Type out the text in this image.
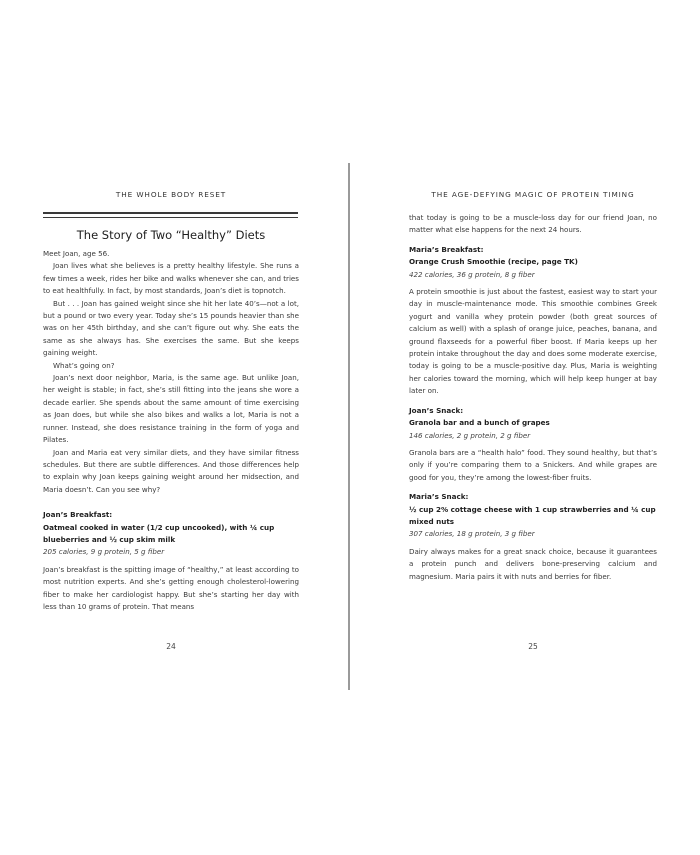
THE WHOLE BODY RESET
The Story of Two “Healthy” Diets

Meet Joan, age 56.

Joan lives what she believes is a pretty healthy lifestyle. She runs a few times a week, rides her bike and walks whenever she can, and tries to eat healthfully. In fact, by most standards, Joan’s diet is topnotch.

But . . . Joan has gained weight since she hit her late 40’s—not a lot, but a pound or two every year. Today she’s 15 pounds heavier than she was on her 45th birthday, and she can’t figure out why. She eats the same as she always has. She exercises the same. But she keeps gaining weight.

What’s going on?

Joan’s next door neighbor, Maria, is the same age. But unlike Joan, her weight is stable; in fact, she’s still fitting into the jeans she wore a decade earlier. She spends about the same amount of time exercising as Joan does, but while she also bikes and walks a lot, Maria is not a runner. Instead, she does resistance training in the form of yoga and Pilates.

Joan and Maria eat very similar diets, and they have similar fitness schedules. But there are subtle differences. And those differences help to explain why Joan keeps gaining weight around her midsection, and Maria doesn’t. Can you see why?

Joan’s Breakfast:

Oatmeal cooked in water (1/2 cup uncooked), with ¼ cup blueberries and ½ cup skim milk

205 calories, 9 g protein, 5 g fiber

Joan’s breakfast is the spitting image of “healthy,” at least according to most nutrition experts. And she’s getting enough cholesterol-lowering fiber to make her cardiologist happy. But she’s starting her day with less than 10 grams of protein. That means

24
THE AGE-DEFYING MAGIC OF PROTEIN TIMING

that today is going to be a muscle-loss day for our friend Joan, no matter what else happens for the next 24 hours.

Maria’s Breakfast:

Orange Crush Smoothie (recipe, page TK)

422 calories, 36 g protein, 8 g fiber

A protein smoothie is just about the fastest, easiest way to start your day in muscle-maintenance mode. This smoothie combines Greek yogurt and vanilla whey protein powder (both great sources of calcium as well) with a splash of orange juice, peaches, banana, and ground flaxseeds for a powerful fiber boost. If Maria keeps up her protein intake throughout the day and does some moderate exercise, today is going to be a muscle-positive day. Plus, Maria is weighting her calories toward the morning, which will help keep hunger at bay later on.

Joan’s Snack:

Granola bar and a bunch of grapes

146 calories, 2 g protein, 2 g fiber

Granola bars are a “health halo” food. They sound healthy, but that’s only if you’re comparing them to a Snickers. And while grapes are good for you, they’re among the lowest-fiber fruits.

Maria’s Snack:

½ cup 2% cottage cheese with 1 cup strawberries and ¼ cup mixed nuts

307 calories, 18 g protein, 3 g fiber

Dairy always makes for a great snack choice, because it guarantees a protein punch and delivers bone-preserving calcium and magnesium. Maria pairs it with nuts and berries for fiber.

25
